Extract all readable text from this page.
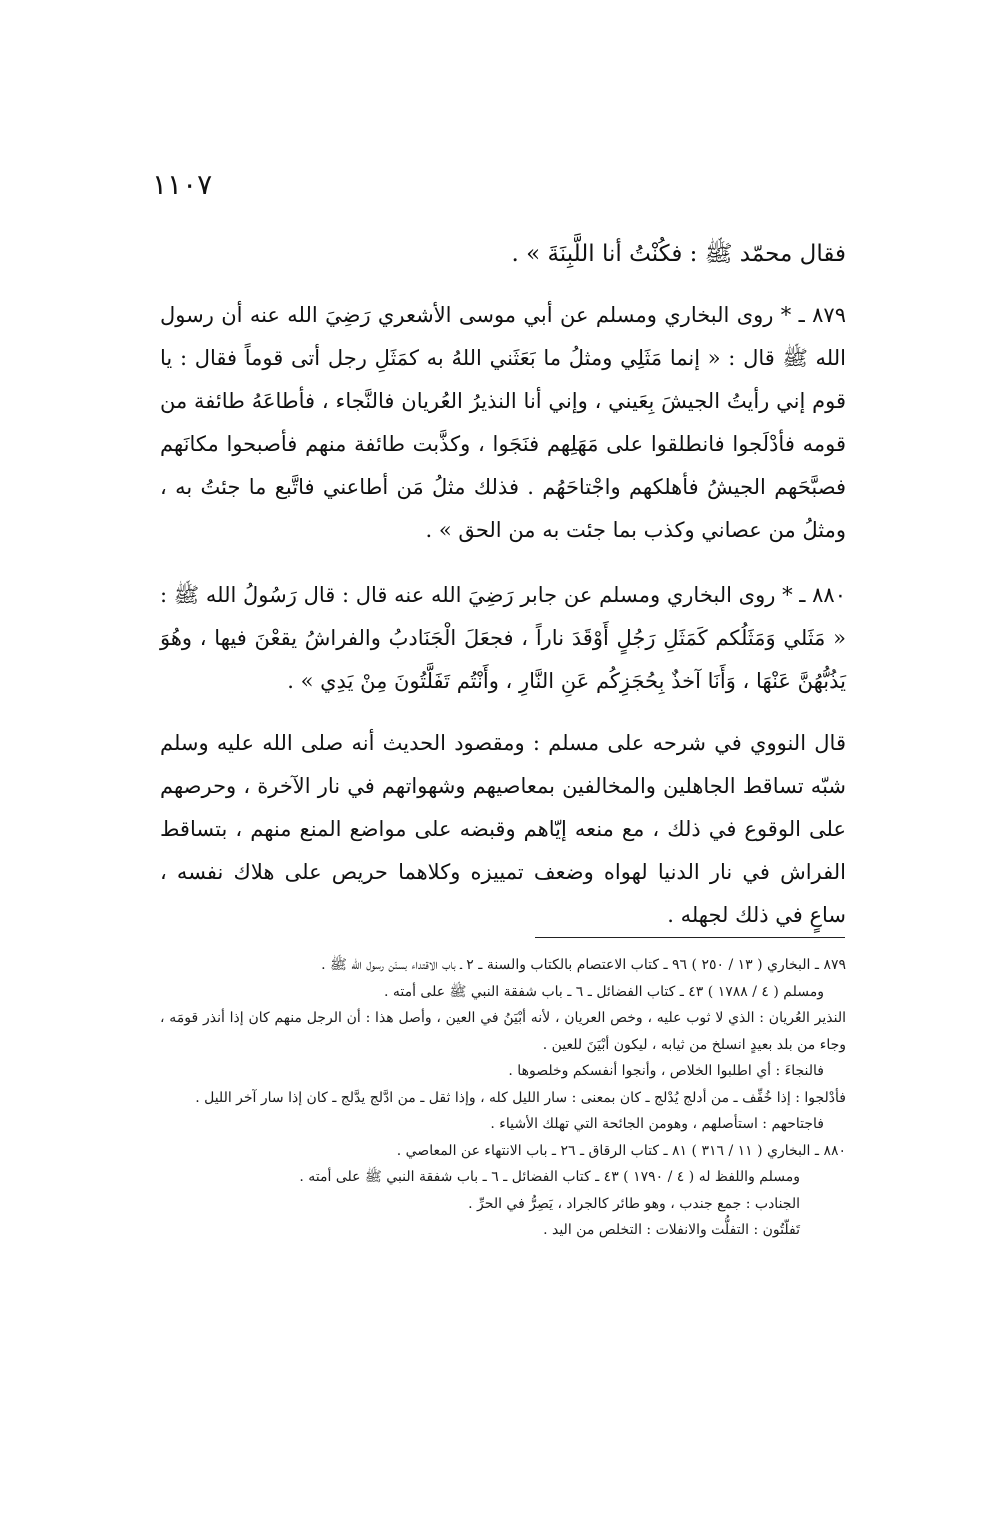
١١٠٧

فقال محمّد ﷺ : فكُنْتُ أنا اللَّبِنَةَ » .

٨٧٩ ـ * روى البخاري ومسلم عن أبي موسى الأشعري رَضِيَ الله عنه أن رسول الله ﷺ قال : « إنما مَثَلِي ومثلُ ما بَعَثَني اللهُ به كمَثَلِ رجل أتى قوماً فقال : يا قوم إني رأيتُ الجيشَ بِعَيني ، وإني أنا النذيرُ العُريان فالنَّجاء ، فأطاعَهُ طائفة من قومه فأدْلَجوا فانطلقوا على مَهَلِهم فنَجَوا ، وكذَّبت طائفة منهم فأصبحوا مكانَهم فصبَّحَهم الجيشُ فأهلكهم واجْتاحَهُم . فذلك مثلُ مَن أطاعني فاتَّبع ما جئتُ به ، ومثلُ من عصاني وكذب بما جئت به من الحق » .

٨٨٠ ـ * روى البخاري ومسلم عن جابر رَضِيَ الله عنه قال : قال رَسُولُ الله ﷺ : « مَثَلي وَمَثَلُكم كَمَثَلِ رَجُلٍ أَوْقَدَ ناراً ، فجعَلَ الْجَنَادبُ والفراشُ يقعْنَ فيها ، وهُوَ يَذُبُّهُنَّ عَنْهَا ، وَأَنَا آخذٌ بِحُجَزِكُم عَنِ النَّارِ ، وأَنْتُم تَفَلَّتُونَ مِنْ يَدِي » .

قال النووي في شرحه على مسلم : ومقصود الحديث أنه صلى الله عليه وسلم شبّه تساقط الجاهلين والمخالفين بمعاصيهم وشهواتهم في نار الآخرة ، وحرصهم على الوقوع في ذلك ، مع منعه إيّاهم وقبضه على مواضع المنع منهم ، بتساقط الفراش في نار الدنيا لهواه وضعف تمييزه وكلاهما حريص على هلاك نفسه ، ساعٍ في ذلك لجهله .

٨٧٩ ـ البخاري ( ١٣ / ٢٥٠ ) ٩٦ ـ كتاب الاعتصام بالكتاب والسنة ـ ٢ ـ باب الاقتداء بسنَن رسول الله ﷺ .

ومسلم ( ٤ / ١٧٨٨ ) ٤٣ ـ كتاب الفضائل ـ ٦ ـ باب شفقة النبي ﷺ على أمته .

النذير العُريان : الذي لا ثوب عليه ، وخص العريان ، لأنه أبْيَنُ في العين ، وأصل هذا : أن الرجل منهم كان إذا أنذر قومَه ، وجاء من بلد بعيدٍ انسلخ من ثيابه ، ليكون أبْيَنَ للعين .

فالنجاءَ : أي اطلبوا الخلاص ، وأنجوا أنفسكم وخلصوها .

فأدْلجوا : إذا خُفِّف ـ من أدلج يُدْلج ـ كان بمعنى : سار الليل كله ، وإذا ثقل ـ من ادَّلج يدَّلج ـ كان إذا سار آخر الليل .

فاجتاحهم : استأصلهم ، وهومن الجائحة التي تهلك الأشياء .

٨٨٠ ـ البخاري ( ١١ / ٣١٦ ) ٨١ ـ كتاب الرقاق ـ ٢٦ ـ باب الانتهاء عن المعاصي .

ومسلم واللفظ له ( ٤ / ١٧٩٠ ) ٤٣ ـ كتاب الفضائل ـ ٦ ـ باب شفقة النبي ﷺ على أمته .

الجنادب : جمع جندب ، وهو طائر كالجراد ، يَصِرُّ في الحرِّ .

تَفلّتُون : التفلُّت والانفلات : التخلص من اليد .
